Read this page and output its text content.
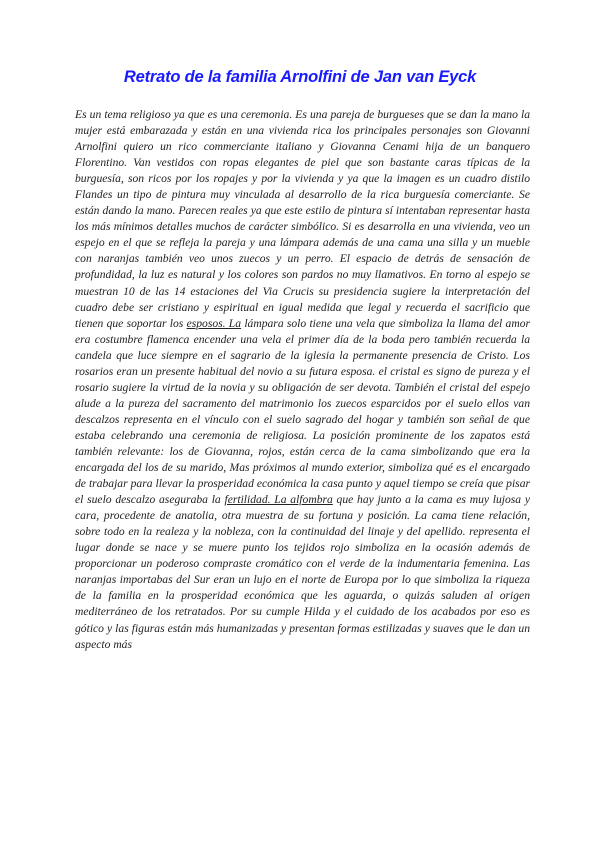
Retrato de la familia Arnolfini de Jan van Eyck

Es un tema religioso ya que es una ceremonia. Es una pareja de burgueses que se dan la mano la mujer está embarazada y están en una vivienda rica los principales personajes son Giovanni Arnolfini quiero un rico commerciante italiano y Giovanna Cenami hija de un banquero Florentino. Van vestidos con ropas elegantes de piel que son bastante caras típicas de la burguesía, son ricos por los ropajes y por la vivienda y ya que la imagen es un cuadro distilo Flandes un tipo de pintura muy vinculada al desarrollo de la rica burguesía comerciante. Se están dando la mano. Parecen reales ya que este estilo de pintura sí intentaban representar hasta los más mínimos detalles muchos de carácter simbólico. Si es desarrolla en una vivienda, veo un espejo en el que se refleja la pareja y una lámpara además de una cama una silla y un mueble con naranjas también veo unos zuecos y un perro. El espacio de detrás de sensación de profundidad, la luz es natural y los colores son pardos no muy llamativos. En torno al espejo se muestran 10 de las 14 estaciones del Via Crucis su presidencia sugiere la interpretación del cuadro debe ser cristiano y espiritual en igual medida que legal y recuerda el sacrificio que tienen que soportar los esposos. La lámpara solo tiene una vela que simboliza la llama del amor era costumbre flamenca encender una vela el primer día de la boda pero también recuerda la candela que luce siempre en el sagrario de la iglesia la permanente presencia de Cristo. Los rosarios eran un presente habitual del novio a su futura esposa. el cristal es signo de pureza y el rosario sugiere la virtud de la novia y su obligación de ser devota. También el cristal del espejo alude a la pureza del sacramento del matrimonio los zuecos esparcidos por el suelo ellos van descalzos representa en el vínculo con el suelo sagrado del hogar y también son señal de que estaba celebrando una ceremonia de religiosa. La posición prominente de los zapatos está también relevante: los de Giovanna, rojos, están cerca de la cama simbolizando que era la encargada del los de su marido, Mas próximos al mundo exterior, simboliza qué es el encargado de trabajar para llevar la prosperidad económica la casa punto y aquel tiempo se creía que pisar el suelo descalzo aseguraba la fertilidad. La alfombra que hay junto a la cama es muy lujosa y cara, procedente de anatolia, otra muestra de su fortuna y posición. La cama tiene relación, sobre todo en la realeza y la nobleza, con la continuidad del linaje y del apellido. representa el lugar donde se nace y se muere punto los tejidos rojo simboliza en la ocasión además de proporcionar un poderoso compraste cromático con el verde de la indumentaria femenina. Las naranjas importabas del Sur eran un lujo en el norte de Europa por lo que simboliza la riqueza de la familia en la prosperidad económica que les aguarda, o quizás saluden al origen mediterráneo de los retratados. Por su cumple Hilda y el cuidado de los acabados por eso es gótico y las figuras están más humanizadas y presentan formas estilizadas y suaves que le dan un aspecto más
